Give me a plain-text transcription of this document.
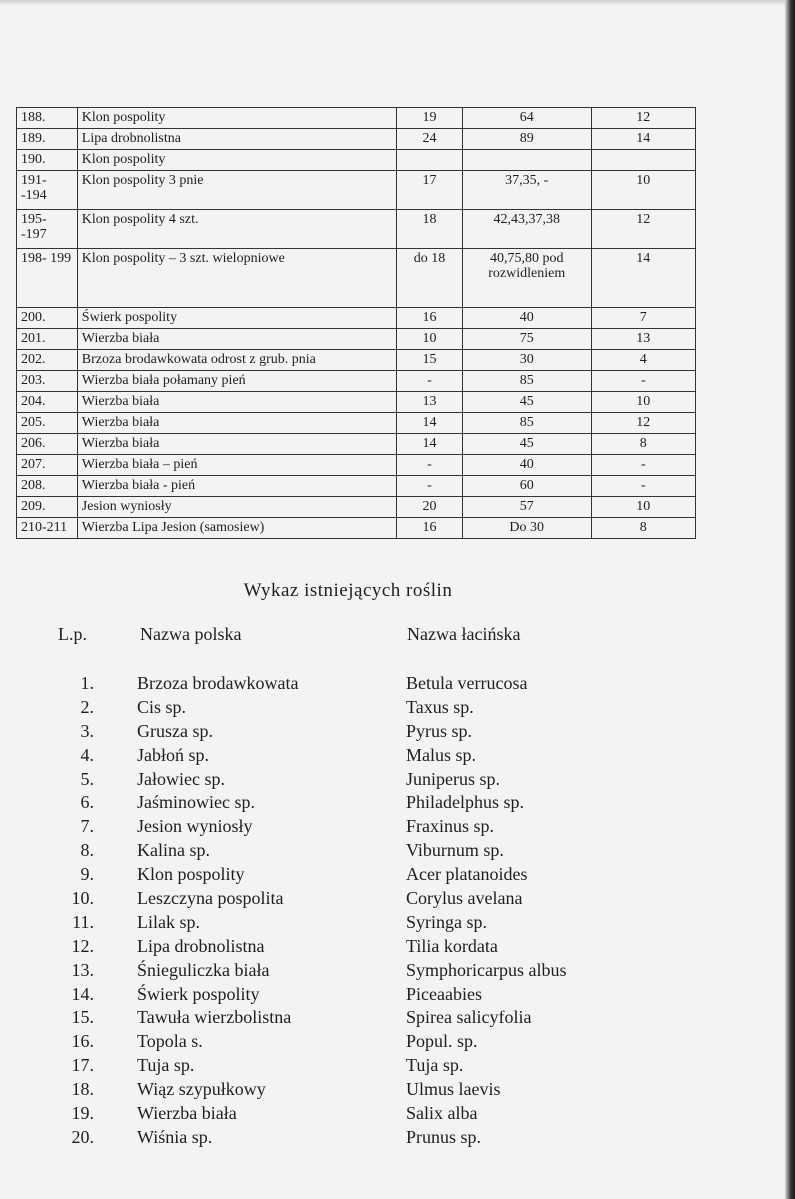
188.	Klon pospolity	19	64	12
189.	Lipa drobnolistna	24	89	14
190.	Klon pospolity			
191- -194	Klon pospolity 3 pnie	17	37,35, -	10
195- -197	Klon pospolity 4 szt.	18	42,43,37,38	12
198- 199	Klon pospolity – 3 szt. wielopniowe	do 18	40,75,80 pod rozwidleniem	14
200.	Świerk pospolity	16	40	7
201.	Wierzba biała	10	75	13
202.	Brzoza brodawkowata odrost z grub. pnia	15	30	4
203.	Wierzba biała połamany pień	-	85	-
204.	Wierzba biała	13	45	10
205.	Wierzba biała	14	85	12
206.	Wierzba biała	14	45	8
207.	Wierzba biała – pień	-	40	-
208.	Wierzba biała - pień	-	60	-
209.	Jesion wyniosły	20	57	10
210-211	Wierzba Lipa Jesion (samosiew)	16	Do 30	8
Wykaz istniejących roślin
L.p.	Nazwa polska	Nazwa łacińska
1. Brzoza brodawkowata	Betula verrucosa
2. Cis sp.	Taxus sp.
3. Grusza sp.	Pyrus sp.
4. Jabłoń sp.	Malus sp.
5. Jałowiec sp.	Juniperus sp.
6. Jaśminowiec sp.	Philadelphus sp.
7. Jesion wyniosły	Fraxinus sp.
8. Kalina sp.	Viburnum sp.
9. Klon pospolity	Acer platanoides
10. Leszczyna pospolita	Corylus avelana
11. Lilak sp.	Syringa sp.
12. Lipa drobnolistna	Tilia kordata
13. Śnieguliczka biała	Symphoricarpus albus
14. Świerk pospolity	Piceaabies
15. Tawuła wierzbolistna	Spirea salicyfolia
16. Topola s.	Popul. sp.
17. Tuja sp.	Tuja sp.
18. Wiąz szypułkowy	Ulmus laevis
19. Wierzba biała	Salix alba
20. Wiśnia sp.	Prunus sp.
